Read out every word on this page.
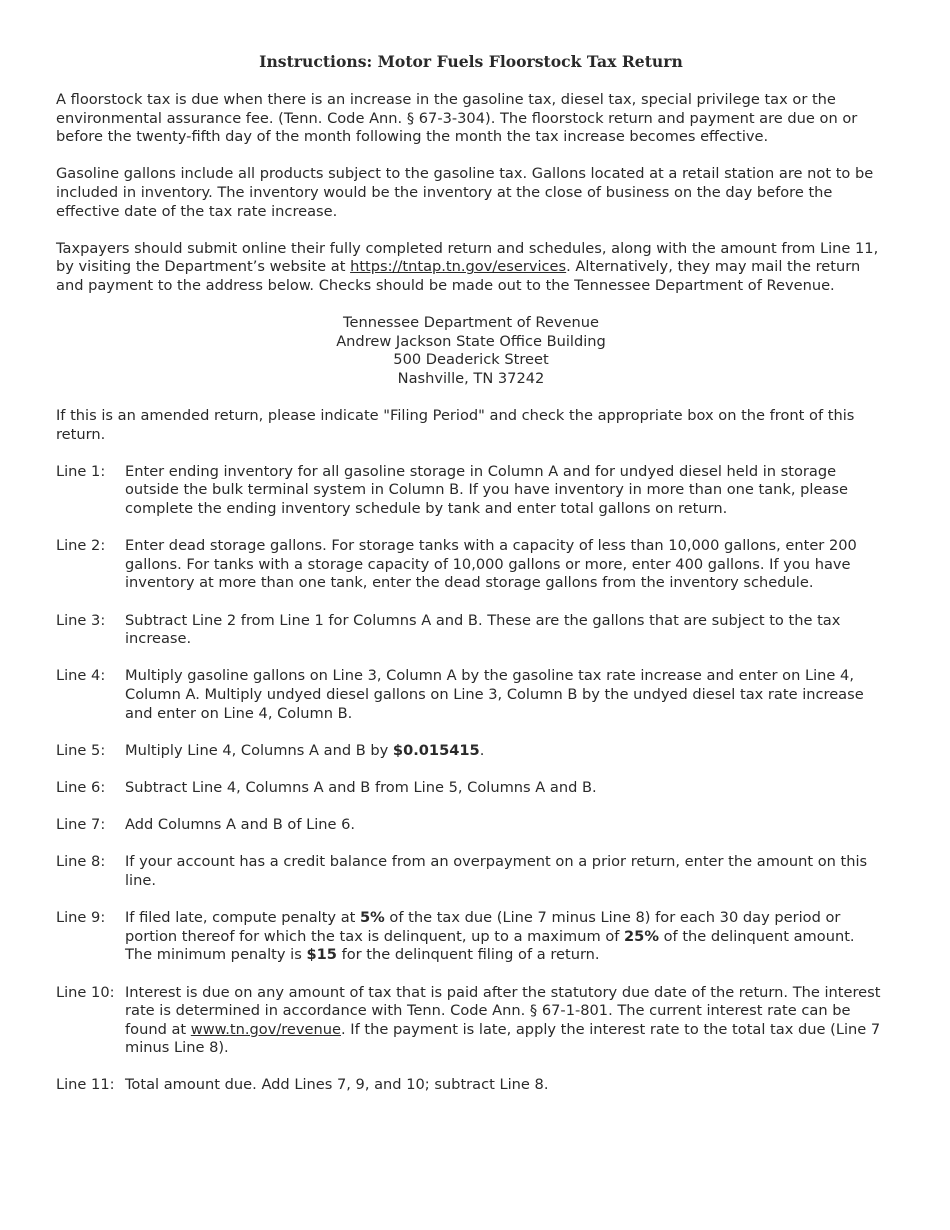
Instructions: Motor Fuels Floorstock Tax Return

A floorstock tax is due when there is an increase in the gasoline tax, diesel tax, special privilege tax or the environmental assurance fee. (Tenn. Code Ann. § 67-3-304). The floorstock return and payment are due on or before the twenty-fifth day of the month following the month the tax increase becomes effective.

Gasoline gallons include all products subject to the gasoline tax. Gallons located at a retail station are not to be included in inventory. The inventory would be the inventory at the close of business on the day before the effective date of the tax rate increase.

Taxpayers should submit online their fully completed return and schedules, along with the amount from Line 11, by visiting the Department’s website at https://tntap.tn.gov/eservices. Alternatively, they may mail the return and payment to the address below. Checks should be made out to the Tennessee Department of Revenue.

Tennessee Department of Revenue
Andrew Jackson State Office Building
500 Deaderick Street
Nashville, TN 37242

If this is an amended return, please indicate "Filing Period" and check the appropriate box on the front of this return.

Line 1:	Enter ending inventory for all gasoline storage in Column A and for undyed diesel held in storage outside the bulk terminal system in Column B. If you have inventory in more than one tank, please complete the ending inventory schedule by tank and enter total gallons on return.
Line 2:	Enter dead storage gallons. For storage tanks with a capacity of less than 10,000 gallons, enter 200 gallons. For tanks with a storage capacity of 10,000 gallons or more, enter 400 gallons. If you have inventory at more than one tank, enter the dead storage gallons from the inventory schedule.
Line 3:	Subtract Line 2 from Line 1 for Columns A and B. These are the gallons that are subject to the tax increase.
Line 4:	Multiply gasoline gallons on Line 3, Column A by the gasoline tax rate increase and enter on Line 4, Column A. Multiply undyed diesel gallons on Line 3, Column B by the undyed diesel tax rate increase and enter on Line 4, Column B.
Line 5:	Multiply Line 4, Columns A and B by $0.015415.
Line 6:	Subtract Line 4, Columns A and B from Line 5, Columns A and B.
Line 7:	Add Columns A and B of Line 6.
Line 8:	If your account has a credit balance from an overpayment on a prior return, enter the amount on this line.
Line 9:	If filed late, compute penalty at 5% of the tax due (Line 7 minus Line 8) for each 30 day period or portion thereof for which the tax is delinquent, up to a maximum of 25% of the delinquent amount. The minimum penalty is $15 for the delinquent filing of a return.
Line 10: Interest is due on any amount of tax that is paid after the statutory due date of the return. The interest rate is determined in accordance with Tenn. Code Ann. § 67-1-801. The current interest rate can be found at www.tn.gov/revenue. If the payment is late, apply the interest rate to the total tax due (Line 7 minus Line 8).
Line 11: Total amount due. Add Lines 7, 9, and 10; subtract Line 8.
